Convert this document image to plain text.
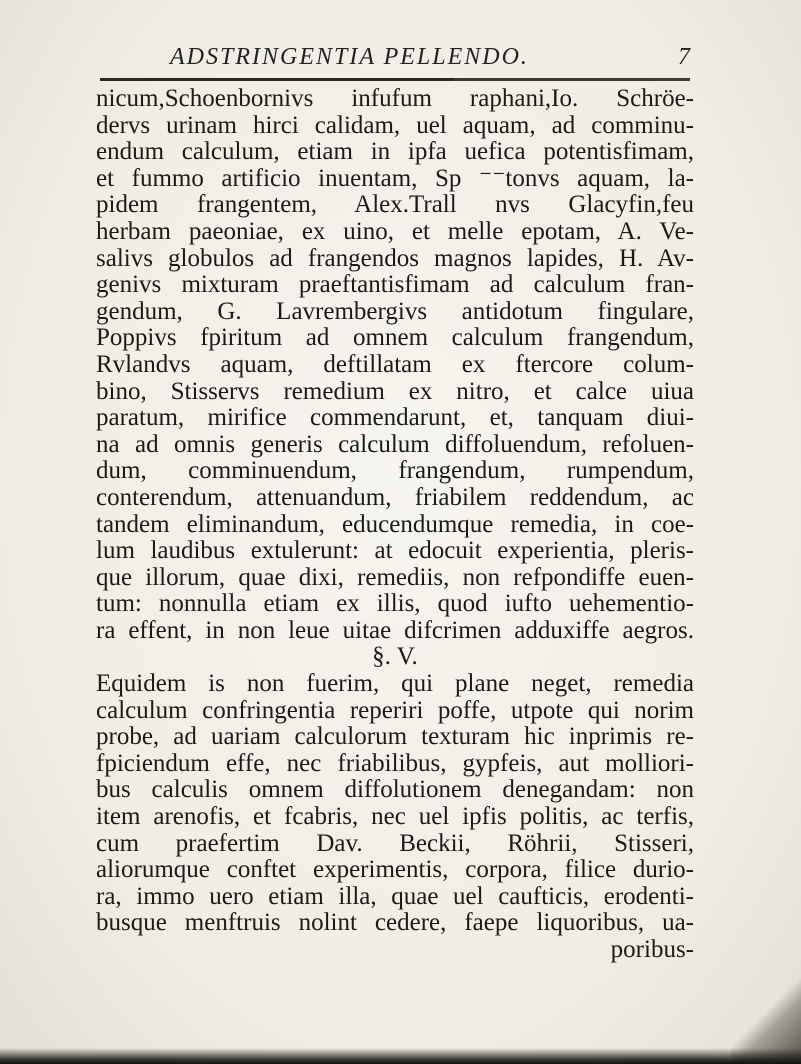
ADSTRINGENTIA PELLENDO.	7
nicum,Schoenbornivs infufum raphani,Io. Schröe-
dervs urinam hirci calidam, uel aquam, ad comminu-
endum calculum, etiam in ipfa uefica potentisfimam,
et fummo artificio inuentam, Sp ⁻⁻tonvs aquam, la-
pidem frangentem, Alex.Trall nvs Glacyfin,feu
herbam paeoniae, ex uino, et melle epotam, A. Ve-
salivs globulos ad frangendos magnos lapides, H. Av-
genivs mixturam praeftantisfimam ad calculum fran-
gendum, G. Lavrembergivs antidotum fingulare,
Poppivs fpiritum ad omnem calculum frangendum,
Rvlandvs aquam, deftillatam ex ftercore colum-
bino, Stisservs remedium ex nitro, et calce uiua
paratum, mirifice commendarunt, et, tanquam diui-
na ad omnis generis calculum diffoluendum, refoluen-
dum, comminuendum, frangendum, rumpendum,
conterendum, attenuandum, friabilem reddendum, ac
tandem eliminandum, educendumque remedia, in coe-
lum laudibus extulerunt: at edocuit experientia, pleris-
que illorum, quae dixi, remediis, non refpondiffe euen-
tum: nonnulla etiam ex illis, quod iufto uehementio-
ra effent, in non leue uitae difcrimen adduxiffe aegros.
§. V.
Equidem is non fuerim, qui plane neget, remedia
calculum confringentia reperiri poffe, utpote qui norim
probe, ad uariam calculorum texturam hic inprimis re-
fpiciendum effe, nec friabilibus, gypfeis, aut molliori-
bus calculis omnem diffolutionem denegandam: non
item arenofis, et fcabris, nec uel ipfis politis, ac terfis,
cum praefertim Dav. Beckii, Röhrii, Stisseri,
aliorumque conftet experimentis, corpora, filice durio-
ra, immo uero etiam illa, quae uel caufticis, erodenti-
busque menftruis nolint cedere, faepe liquoribus, ua-
poribus-
